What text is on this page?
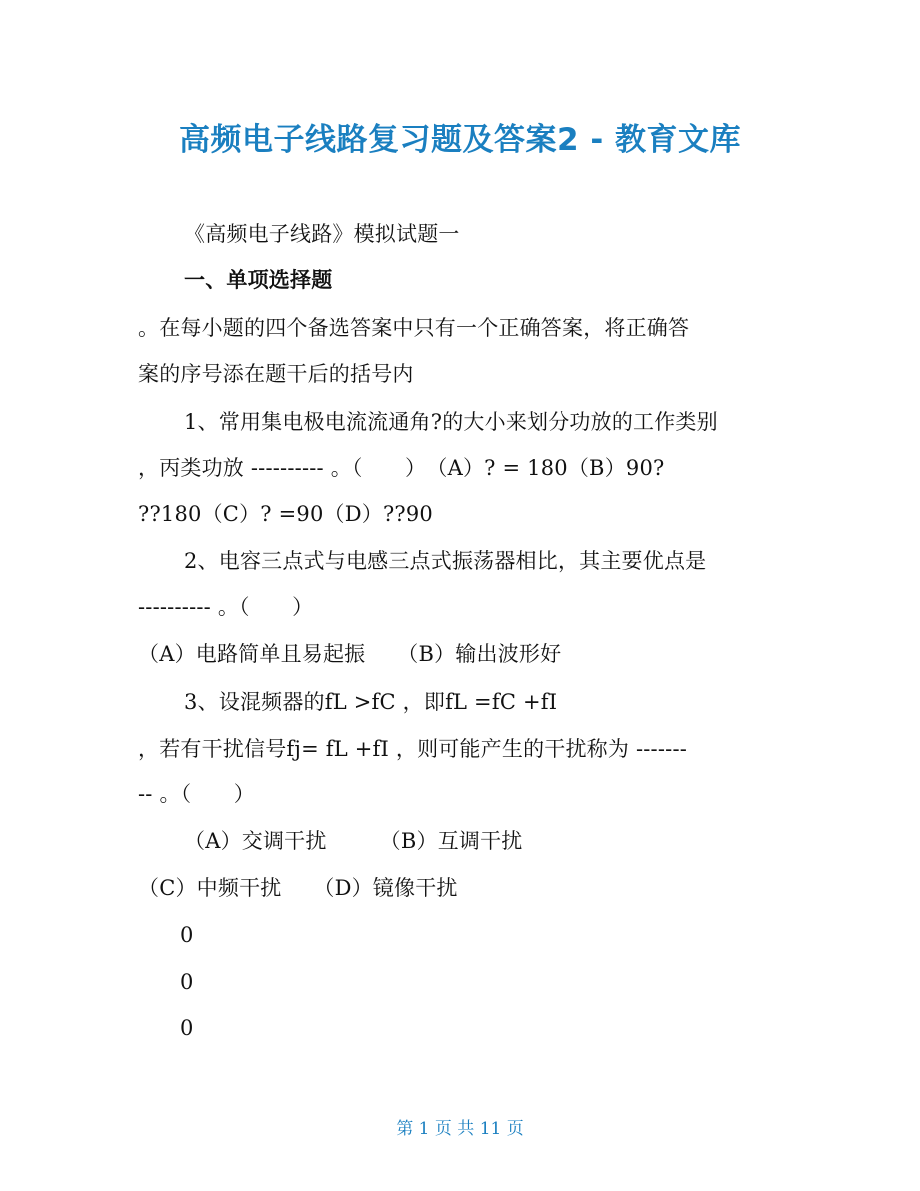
高频电子线路复习题及答案2 - 教育文库
《高频电子线路》模拟试题一
一、单项选择题
。在每小题的四个备选答案中只有一个正确答案，将正确答
案的序号添在题干后的括号内
1、常用集电极电流流通角?的大小来划分功放的工作类别
，丙类功放 ---------- 。（　　）　（A）? = 180（B）90?
??180（C）? =90（D）??90
2、电容三点式与电感三点式振荡器相比，其主要优点是
---------- 。（　　）
（A）电路简单且易起振　　（B）输出波形好
3、设混频器的fL >fC ，即fL =fC +fI
，若有干扰信号fj= fL +fI ，则可能产生的干扰称为 -------
-- 。（　　）
（A）交调干扰　　　（B）互调干扰
（C）中频干扰　　（D）镜像干扰
0
0
0
第 1 页 共 11 页
